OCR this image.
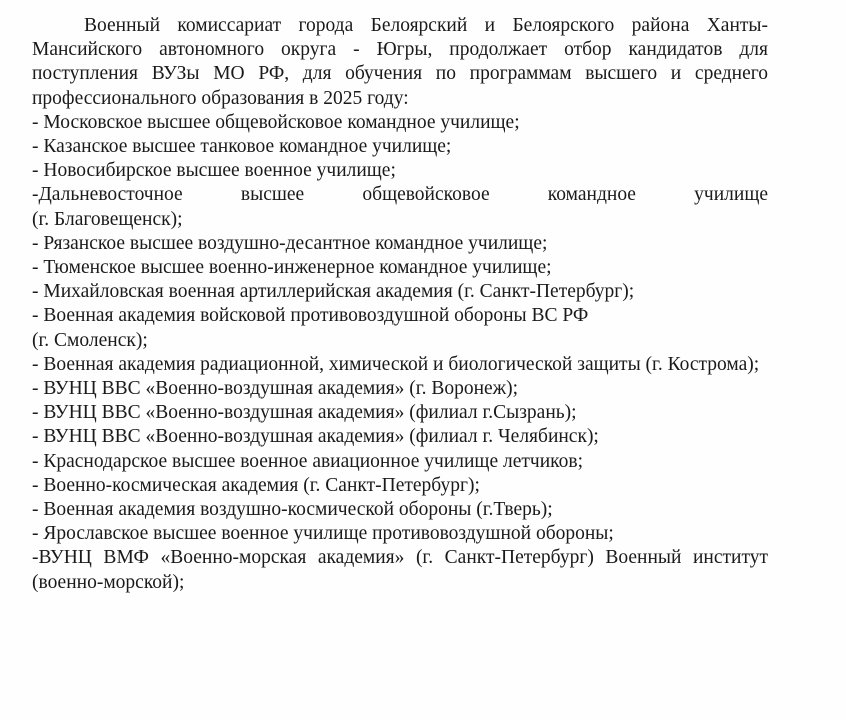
Военный комиссариат города Белоярский и Белоярского района Ханты-Мансийского автономного округа - Югры, продолжает отбор кандидатов для поступления ВУЗы МО РФ, для обучения по программам высшего и среднего профессионального образования в 2025 году:

- Московское высшее общевойсковое командное училище;
- Казанское высшее танковое командное училище;
- Новосибирское высшее военное училище;
-Дальневосточное высшее общевойсковое командное училище
(г. Благовещенск);
- Рязанское высшее воздушно-десантное командное училище;
- Тюменское высшее военно-инженерное командное училище;
- Михайловская военная артиллерийская академия (г. Санкт-Петербург);
- Военная академия войсковой противовоздушной обороны ВС РФ
(г. Смоленск);
- Военная академия радиационной, химической и биологической защиты (г. Кострома);
- ВУНЦ ВВС «Военно-воздушная академия» (г. Воронеж);
- ВУНЦ ВВС «Военно-воздушная академия» (филиал г.Сызрань);
- ВУНЦ ВВС «Военно-воздушная академия» (филиал г. Челябинск);
- Краснодарское высшее военное авиационное училище летчиков;
- Военно-космическая академия (г. Санкт-Петербург);
- Военная академия воздушно-космической обороны (г.Тверь);
- Ярославское высшее военное училище противовоздушной обороны;
-ВУНЦ ВМФ «Военно-морская академия» (г. Санкт-Петербург) Военный институт (военно-морской);
